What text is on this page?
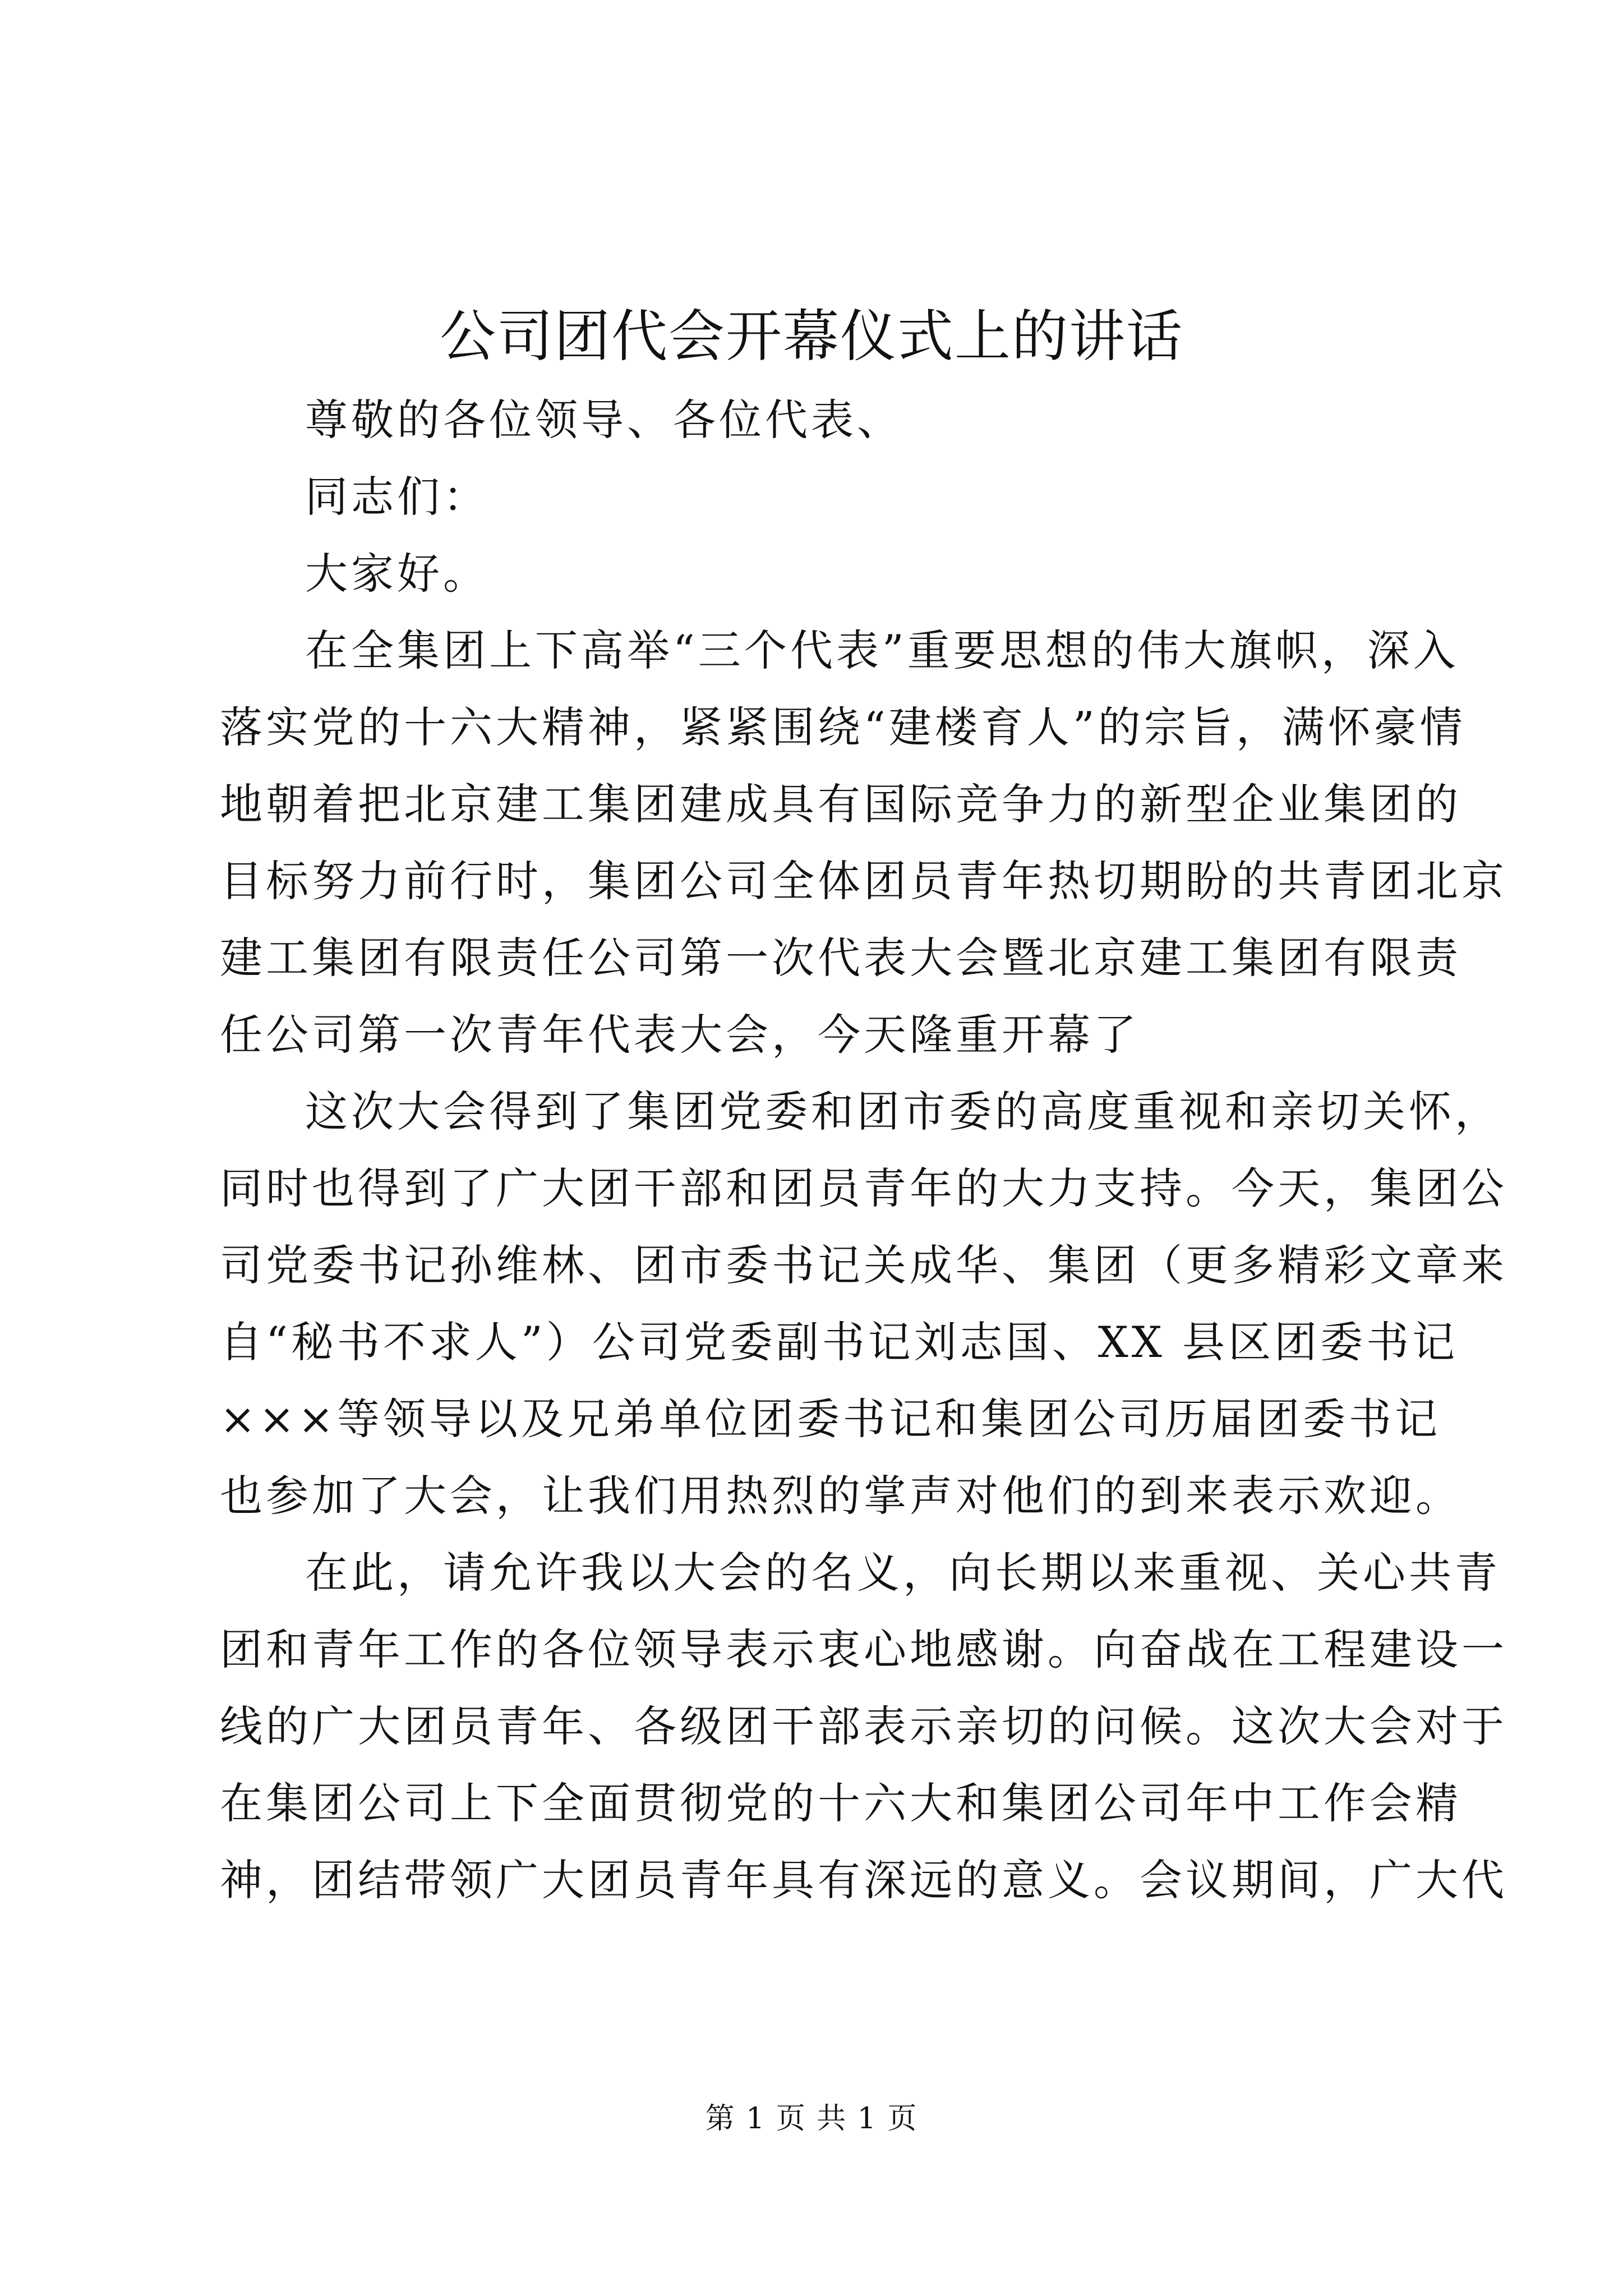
公司团代会开幕仪式上的讲话
尊敬的各位领导、各位代表、
同志们：
大家好。
在全集团上下高举“三个代表”重要思想的伟大旗帜，深入
落实党的十六大精神，紧紧围绕“建楼育人”的宗旨，满怀豪情
地朝着把北京建工集团建成具有国际竞争力的新型企业集团的
目标努力前行时，集团公司全体团员青年热切期盼的共青团北京
建工集团有限责任公司第一次代表大会暨北京建工集团有限责
任公司第一次青年代表大会，今天隆重开幕了
这次大会得到了集团党委和团市委的高度重视和亲切关怀，
同时也得到了广大团干部和团员青年的大力支持。今天，集团公
司党委书记孙维林、团市委书记关成华、集团（更多精彩文章来
自“秘书不求人”）公司党委副书记刘志国、XX 县区团委书记
×××等领导以及兄弟单位团委书记和集团公司历届团委书记
也参加了大会，让我们用热烈的掌声对他们的到来表示欢迎。
在此，请允许我以大会的名义，向长期以来重视、关心共青
团和青年工作的各位领导表示衷心地感谢。向奋战在工程建设一
线的广大团员青年、各级团干部表示亲切的问候。这次大会对于
在集团公司上下全面贯彻党的十六大和集团公司年中工作会精
神，团结带领广大团员青年具有深远的意义。会议期间，广大代
第 1 页 共 1 页
